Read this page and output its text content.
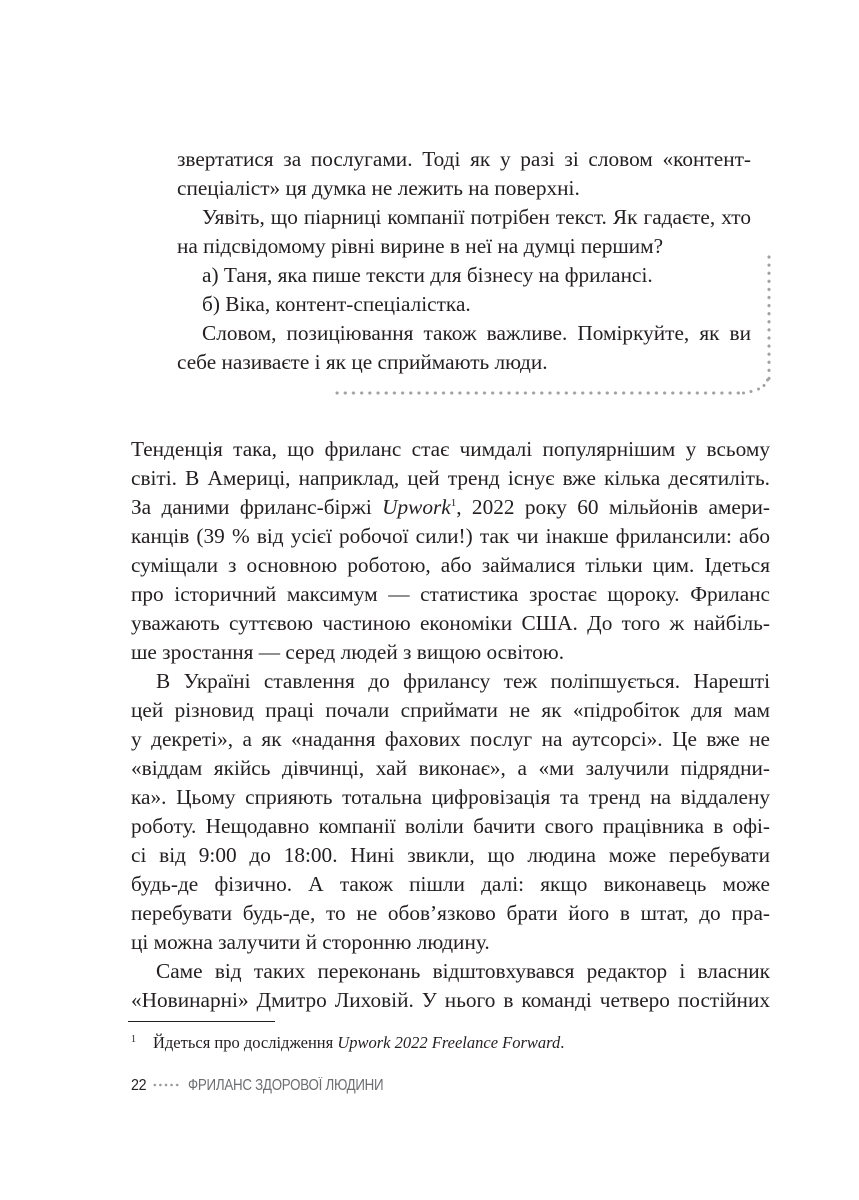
звертатися за послугами. Тоді як у разі зі словом «контент-
спеціаліст» ця думка не лежить на поверхні.
Уявіть, що піарниці компанії потрібен текст. Як гадаєте, хто
на підсвідомому рівні вирине в неї на думці першим?
а) Таня, яка пише тексти для бізнесу на фрилансі.
б) Віка, контент-спеціалістка.
Словом, позиціювання також важливе. Поміркуйте, як ви
себе називаєте і як це сприймають люди.
Тенденція така, що фриланс стає чимдалі популярнішим у всьому
світі. В Америці, наприклад, цей тренд існує вже кілька десятиліть.
За даними фриланс-біржі Upwork$^1$, 2022 року 60 мільйонів амери-
канців (39 % від усієї робочої сили!) так чи інакше фрилансили: або
суміщали з основною роботою, або займалися тільки цим. Ідеться
про історичний максимум — статистика зростає щороку. Фриланс
уважають суттєвою частиною економіки США. До того ж найбіль-
ше зростання — серед людей з вищою освітою.
В Україні ставлення до фрилансу теж поліпшується. Нарешті
цей різновид праці почали сприймати не як «підробіток для мам
у декреті», а як «надання фахових послуг на аутсорсі». Це вже не
«віддам якійсь дівчинці, хай виконає», а «ми залучили підрядни-
ка». Цьому сприяють тотальна цифровізація та тренд на віддалену
роботу. Нещодавно компанії воліли бачити свого працівника в офі-
сі від 9:00 до 18:00. Нині звикли, що людина може перебувати
будь-де фізично. А також пішли далі: якщо виконавець може
перебувати будь-де, то не обов’язково брати його в штат, до пра-
ці можна залучити й сторонню людину.
Саме від таких переконань відштовхувався редактор і власник
«Новинарні» Дмитро Лиховій. У нього в команді четверо постійних
1 Йдеться про дослідження Upwork 2022 Freelance Forward.
22	ФРИЛАНС ЗДОРОВОЇ ЛЮДИНИ
